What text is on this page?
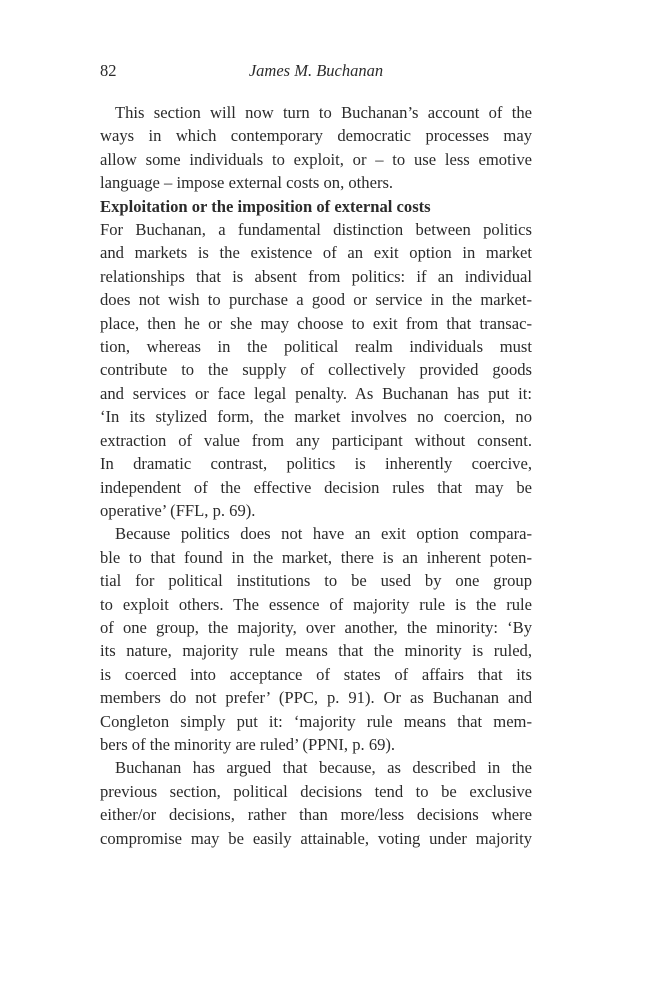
82	James M. Buchanan

This section will now turn to Buchanan’s account of the
ways in which contemporary democratic processes may
allow some individuals to exploit, or – to use less emotive
language – impose external costs on, others.

Exploitation or the imposition of external costs

For Buchanan, a fundamental distinction between politics
and markets is the existence of an exit option in market
relationships that is absent from politics: if an individual
does not wish to purchase a good or service in the market-
place, then he or she may choose to exit from that transac-
tion, whereas in the political realm individuals must
contribute to the supply of collectively provided goods
and services or face legal penalty. As Buchanan has put it:
‘In its stylized form, the market involves no coercion, no
extraction of value from any participant without consent.
In dramatic contrast, politics is inherently coercive,
independent of the effective decision rules that may be
operative’ (FFL, p. 69).

Because politics does not have an exit option compara-
ble to that found in the market, there is an inherent poten-
tial for political institutions to be used by one group
to exploit others. The essence of majority rule is the rule
of one group, the majority, over another, the minority: ‘By
its nature, majority rule means that the minority is ruled,
is coerced into acceptance of states of affairs that its
members do not prefer’ (PPC, p. 91). Or as Buchanan and
Congleton simply put it: ‘majority rule means that mem-
bers of the minority are ruled’ (PPNI, p. 69).

Buchanan has argued that because, as described in the
previous section, political decisions tend to be exclusive
either/or decisions, rather than more/less decisions where
compromise may be easily attainable, voting under majority
